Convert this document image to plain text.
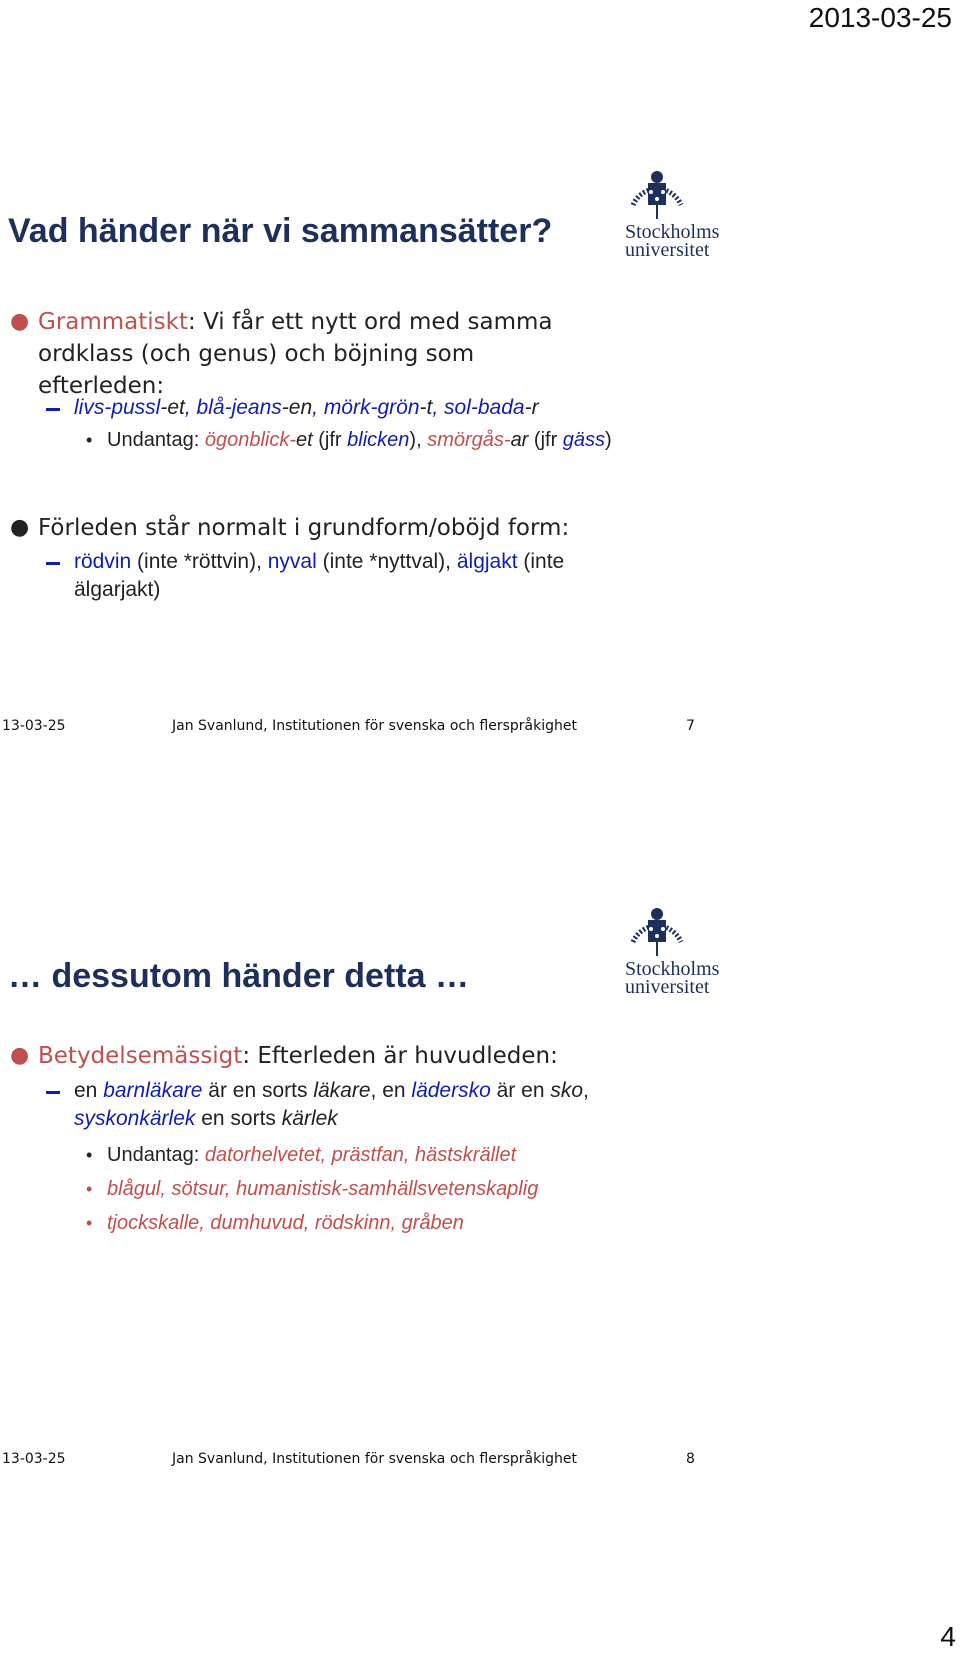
2013-03-25
Vad händer när vi sammansätter?	Stockholms
universitet
● Grammatiskt: Vi får ett nytt ord med samma ordklass (och genus) och böjning som efterleden:
livs-pussl-et, blå-jeans-en, mörk-grön-t, sol-bada-r
• Undantag: ögonblick-et (jfr blicken), smörgås-ar (jfr gäss)
● Förleden står normalt i grundform/oböjd form:
rödvin (inte *röttvin), nyval (inte *nyttval), älgjakt (inte älgarjakt)
13-03-25	Jan Svanlund, Institutionen för svenska och flerspråkighet	7
… dessutom händer detta …	Stockholms
universitet
● Betydelsemässigt: Efterleden är huvudleden:
en barnläkare är en sorts läkare, en lädersko är en sko, syskonkärlek en sorts kärlek
• Undantag: datorhelvetet, prästfan, hästskrället
• blågul, sötsur, humanistisk-samhällsvetenskaplig
• tjockskalle, dumhuvud, rödskinn, gråben
13-03-25	Jan Svanlund, Institutionen för svenska och flerspråkighet	8
4
